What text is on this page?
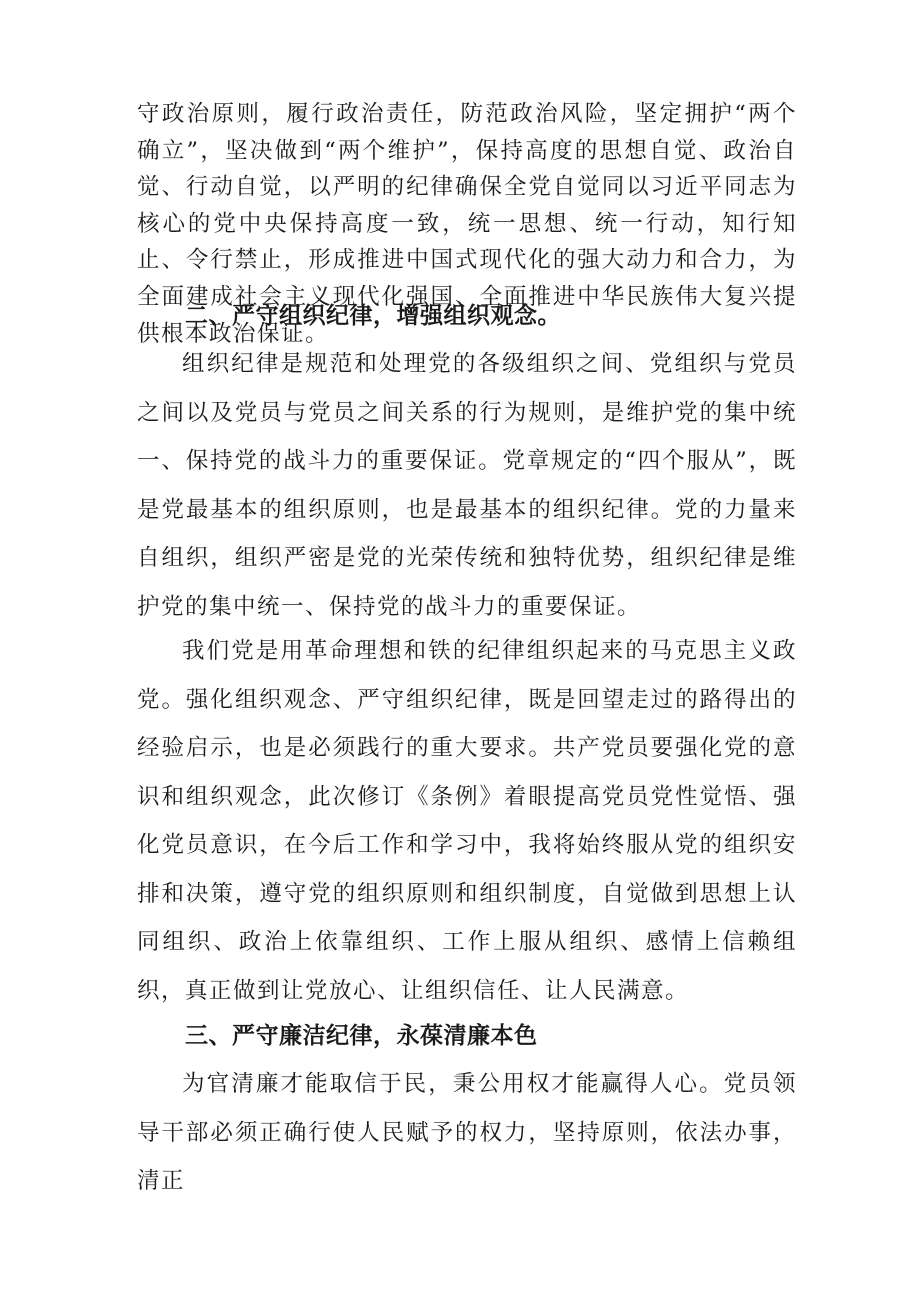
守政治原则，履行政治责任，防范政治风险，坚定拥护“两个确立”，坚决做到“两个维护”，保持高度的思想自觉、政治自觉、行动自觉，以严明的纪律确保全党自觉同以习近平同志为核心的党中央保持高度一致，统一思想、统一行动，知行知止、令行禁止，形成推进中国式现代化的强大动力和合力，为全面建成社会主义现代化强国、全面推进中华民族伟大复兴提供根本政治保证。

二、严守组织纪律，增强组织观念。

组织纪律是规范和处理党的各级组织之间、党组织与党员之间以及党员与党员之间关系的行为规则，是维护党的集中统一、保持党的战斗力的重要保证。党章规定的“四个服从”，既是党最基本的组织原则，也是最基本的组织纪律。党的力量来自组织，组织严密是党的光荣传统和独特优势，组织纪律是维护党的集中统一、保持党的战斗力的重要保证。

我们党是用革命理想和铁的纪律组织起来的马克思主义政党。强化组织观念、严守组织纪律，既是回望走过的路得出的经验启示，也是必须践行的重大要求。共产党员要强化党的意识和组织观念，此次修订《条例》着眼提高党员党性觉悟、强化党员意识，在今后工作和学习中，我将始终服从党的组织安排和决策，遵守党的组织原则和组织制度，自觉做到思想上认同组织、政治上依靠组织、工作上服从组织、感情上信赖组织，真正做到让党放心、让组织信任、让人民满意。

三、严守廉洁纪律，永葆清廉本色

为官清廉才能取信于民，秉公用权才能赢得人心。党员领导干部必须正确行使人民赋予的权力，坚持原则，依法办事，清正
